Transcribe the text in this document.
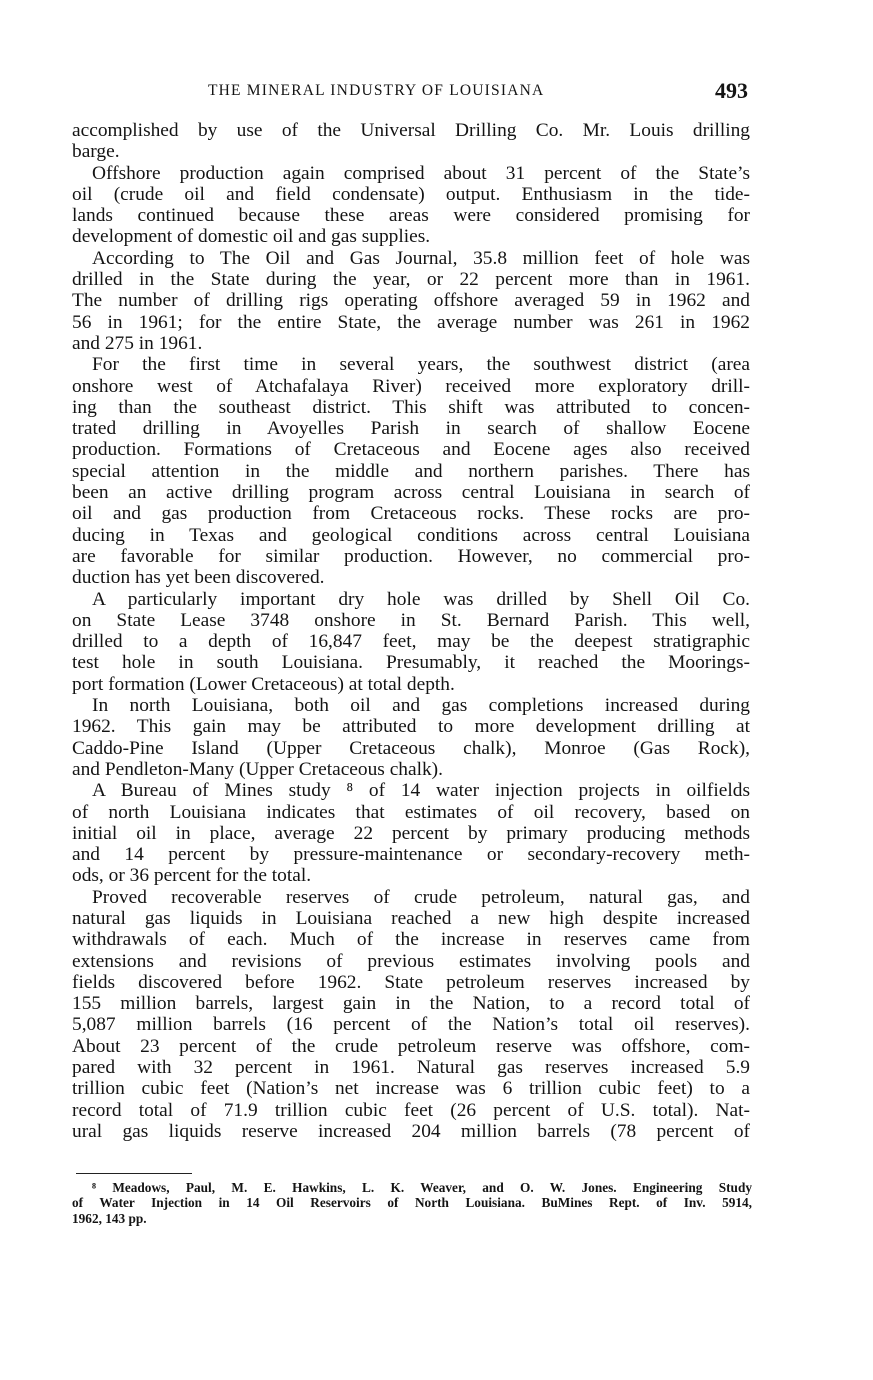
THE MINERAL INDUSTRY OF LOUISIANA	493
accomplished by use of the Universal Drilling Co. Mr. Louis drilling
barge.
Offshore production again comprised about 31 percent of the State’s
oil (crude oil and field condensate) output. Enthusiasm in the tide-
lands continued because these areas were considered promising for
development of domestic oil and gas supplies.
According to The Oil and Gas Journal, 35.8 million feet of hole was
drilled in the State during the year, or 22 percent more than in 1961.
The number of drilling rigs operating offshore averaged 59 in 1962 and
56 in 1961; for the entire State, the average number was 261 in 1962
and 275 in 1961.
For the first time in several years, the southwest district (area
onshore west of Atchafalaya River) received more exploratory drill-
ing than the southeast district. This shift was attributed to concen-
trated drilling in Avoyelles Parish in search of shallow Eocene
production. Formations of Cretaceous and Eocene ages also received
special attention in the middle and northern parishes. There has
been an active drilling program across central Louisiana in search of
oil and gas production from Cretaceous rocks. These rocks are pro-
ducing in Texas and geological conditions across central Louisiana
are favorable for similar production. However, no commercial pro-
duction has yet been discovered.
A particularly important dry hole was drilled by Shell Oil Co.
on State Lease 3748 onshore in St. Bernard Parish. This well,
drilled to a depth of 16,847 feet, may be the deepest stratigraphic
test hole in south Louisiana. Presumably, it reached the Moorings-
port formation (Lower Cretaceous) at total depth.
In north Louisiana, both oil and gas completions increased during
1962. This gain may be attributed to more development drilling at
Caddo-Pine Island (Upper Cretaceous chalk), Monroe (Gas Rock),
and Pendleton-Many (Upper Cretaceous chalk).
A Bureau of Mines study ⁸ of 14 water injection projects in oilfields
of north Louisiana indicates that estimates of oil recovery, based on
initial oil in place, average 22 percent by primary producing methods
and 14 percent by pressure-maintenance or secondary-recovery meth-
ods, or 36 percent for the total.
Proved recoverable reserves of crude petroleum, natural gas, and
natural gas liquids in Louisiana reached a new high despite increased
withdrawals of each. Much of the increase in reserves came from
extensions and revisions of previous estimates involving pools and
fields discovered before 1962. State petroleum reserves increased by
155 million barrels, largest gain in the Nation, to a record total of
5,087 million barrels (16 percent of the Nation’s total oil reserves).
About 23 percent of the crude petroleum reserve was offshore, com-
pared with 32 percent in 1961. Natural gas reserves increased 5.9
trillion cubic feet (Nation’s net increase was 6 trillion cubic feet) to a
record total of 71.9 trillion cubic feet (26 percent of U.S. total). Nat-
ural gas liquids reserve increased 204 million barrels (78 percent of
⁸ Meadows, Paul, M. E. Hawkins, L. K. Weaver, and O. W. Jones. Engineering Study
of Water Injection in 14 Oil Reservoirs of North Louisiana. BuMines Rept. of Inv. 5914,
1962, 143 pp.
